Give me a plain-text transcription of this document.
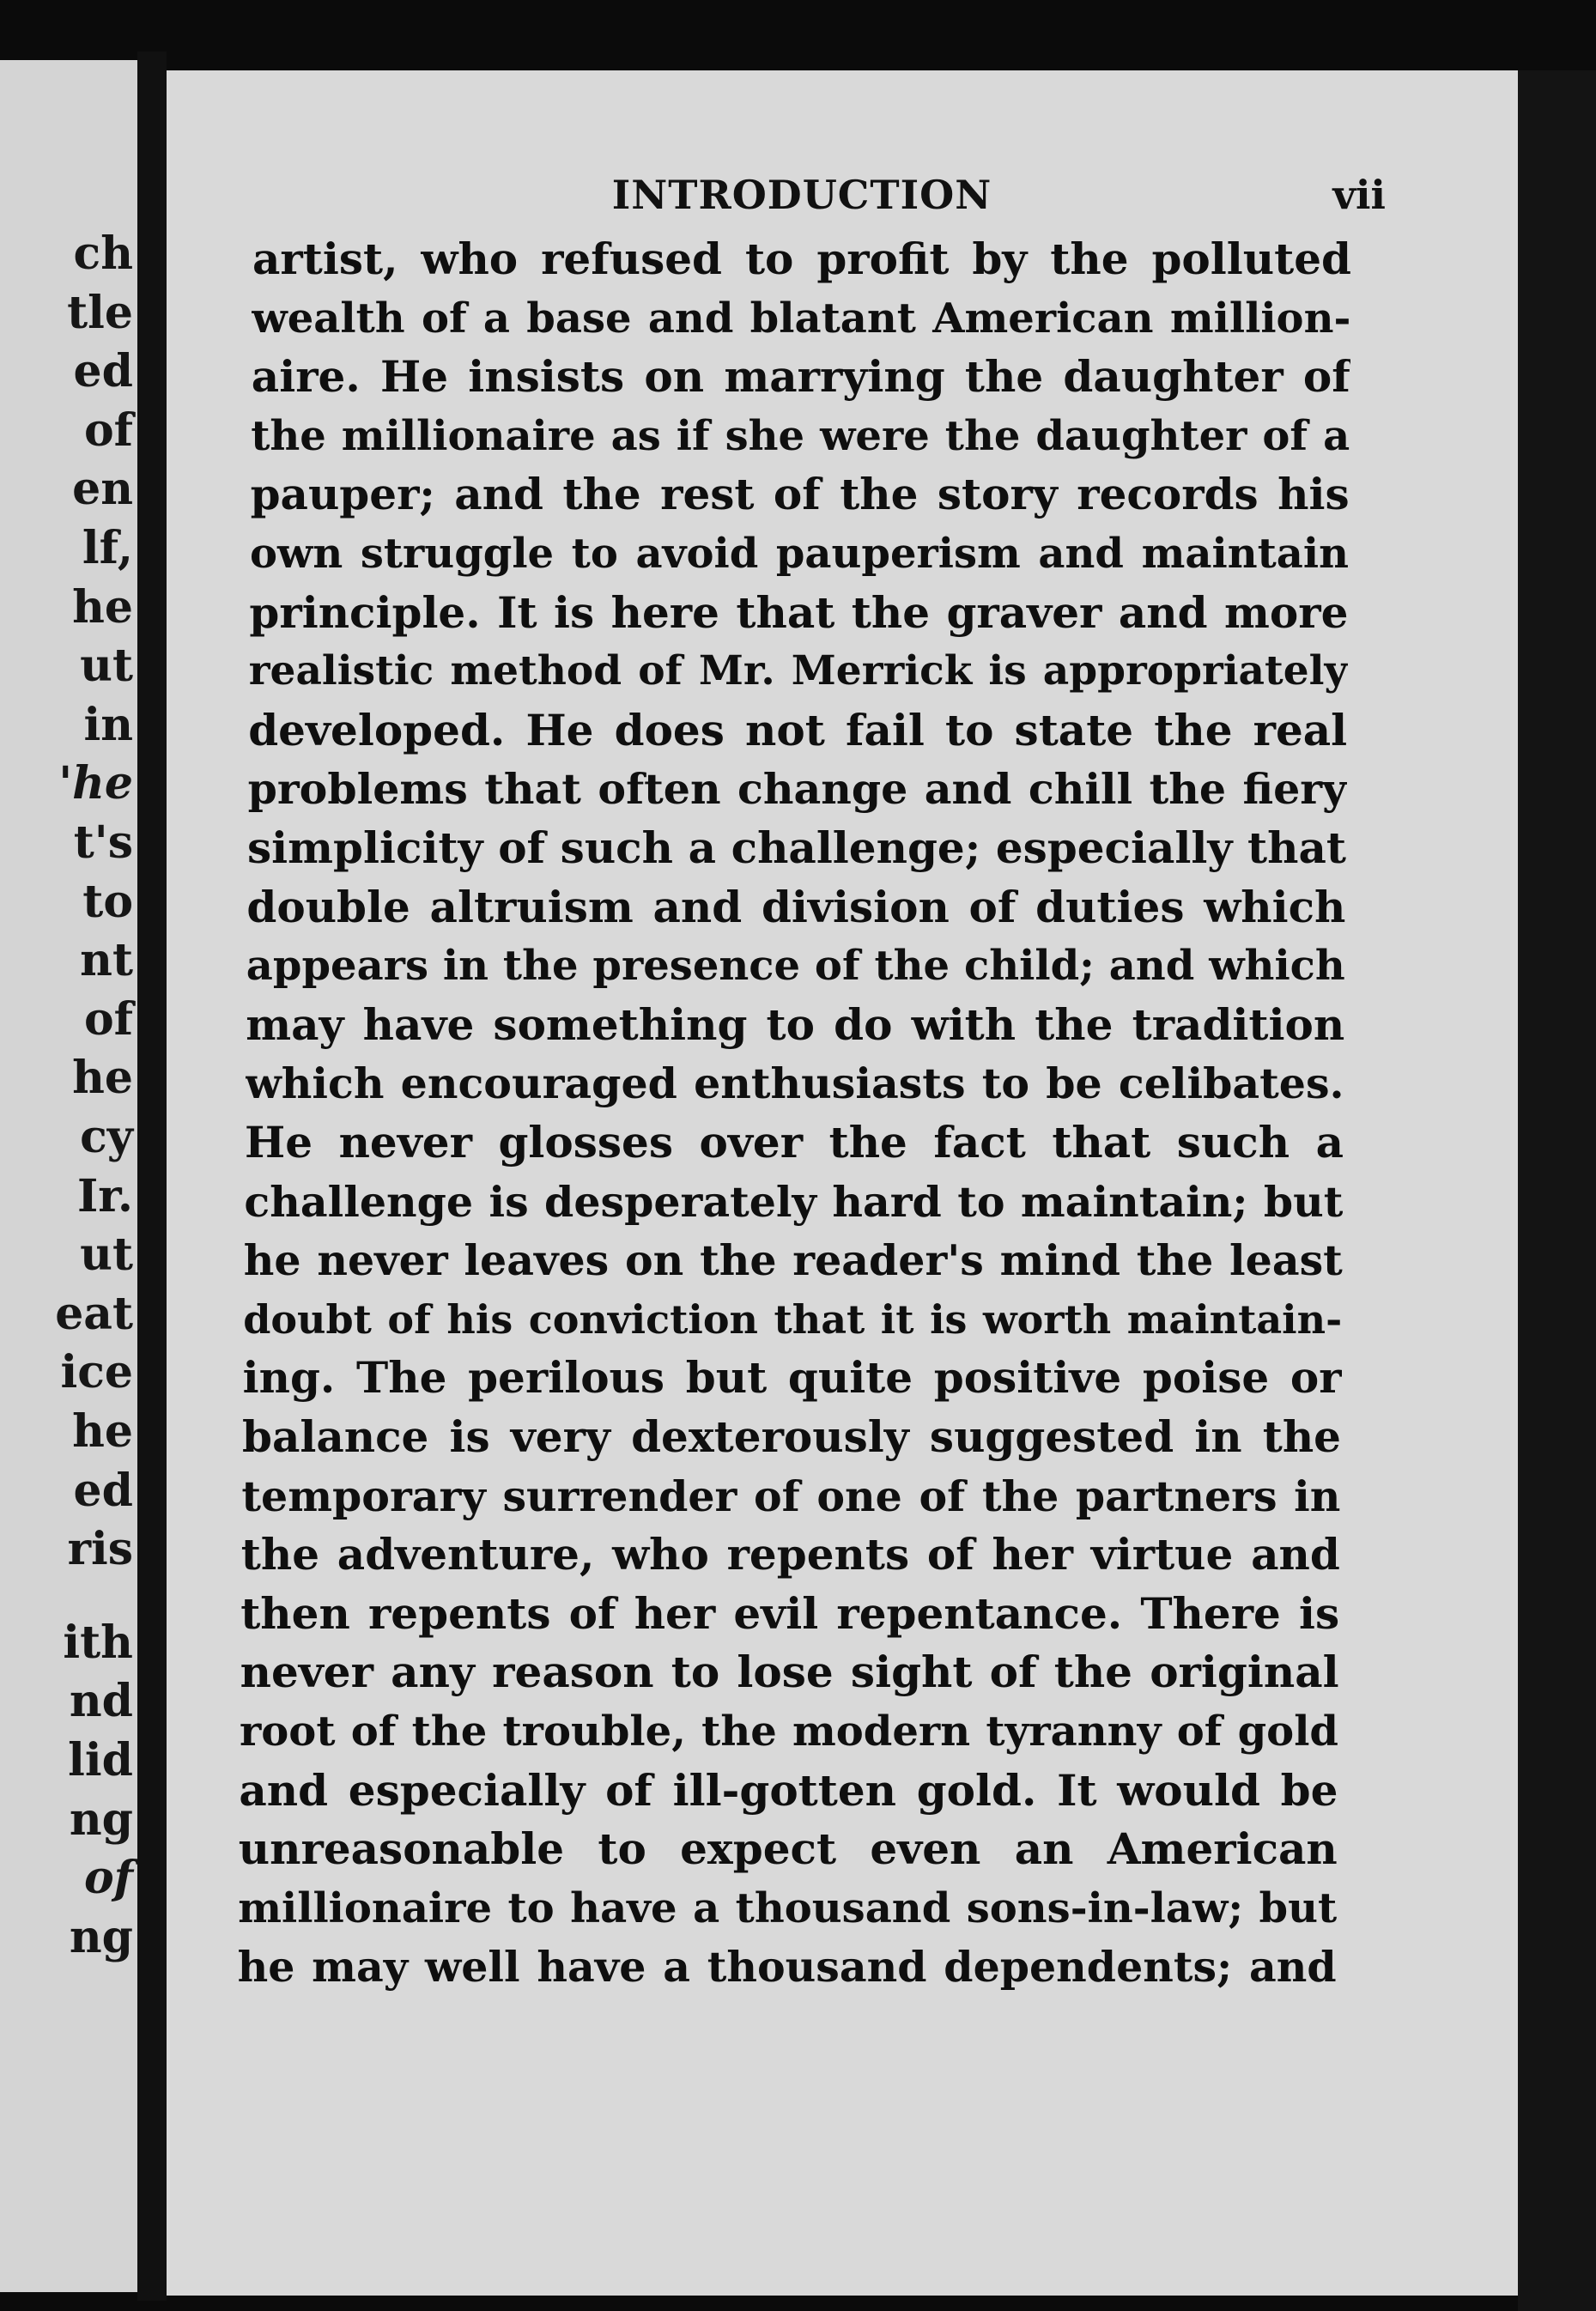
ch
tle
ed
of
en
lf,
he
ut
in
'he
t's
to
nt
of
he
cy
Ir.
ut
eat
ice
he
ed
ris
ith
nd
lid
ng
of
ng
INTRODUCTION	vii
artist, who refused to profit by the polluted
wealth of a base and blatant American million-
aire. He insists on marrying the daughter of
the millionaire as if she were the daughter of a
pauper; and the rest of the story records his
own struggle to avoid pauperism and maintain
principle. It is here that the graver and more
realistic method of Mr. Merrick is appropriately
developed. He does not fail to state the real
problems that often change and chill the fiery
simplicity of such a challenge; especially that
double altruism and division of duties which
appears in the presence of the child; and which
may have something to do with the tradition
which encouraged enthusiasts to be celibates.
He never glosses over the fact that such a
challenge is desperately hard to maintain; but
he never leaves on the reader's mind the least
doubt of his conviction that it is worth maintain-
ing. The perilous but quite positive poise or
balance is very dexterously suggested in the
temporary surrender of one of the partners in
the adventure, who repents of her virtue and
then repents of her evil repentance. There is
never any reason to lose sight of the original
root of the trouble, the modern tyranny of gold
and especially of ill-gotten gold. It would be
unreasonable to expect even an American
millionaire to have a thousand sons-in-law; but
he may well have a thousand dependents; and
